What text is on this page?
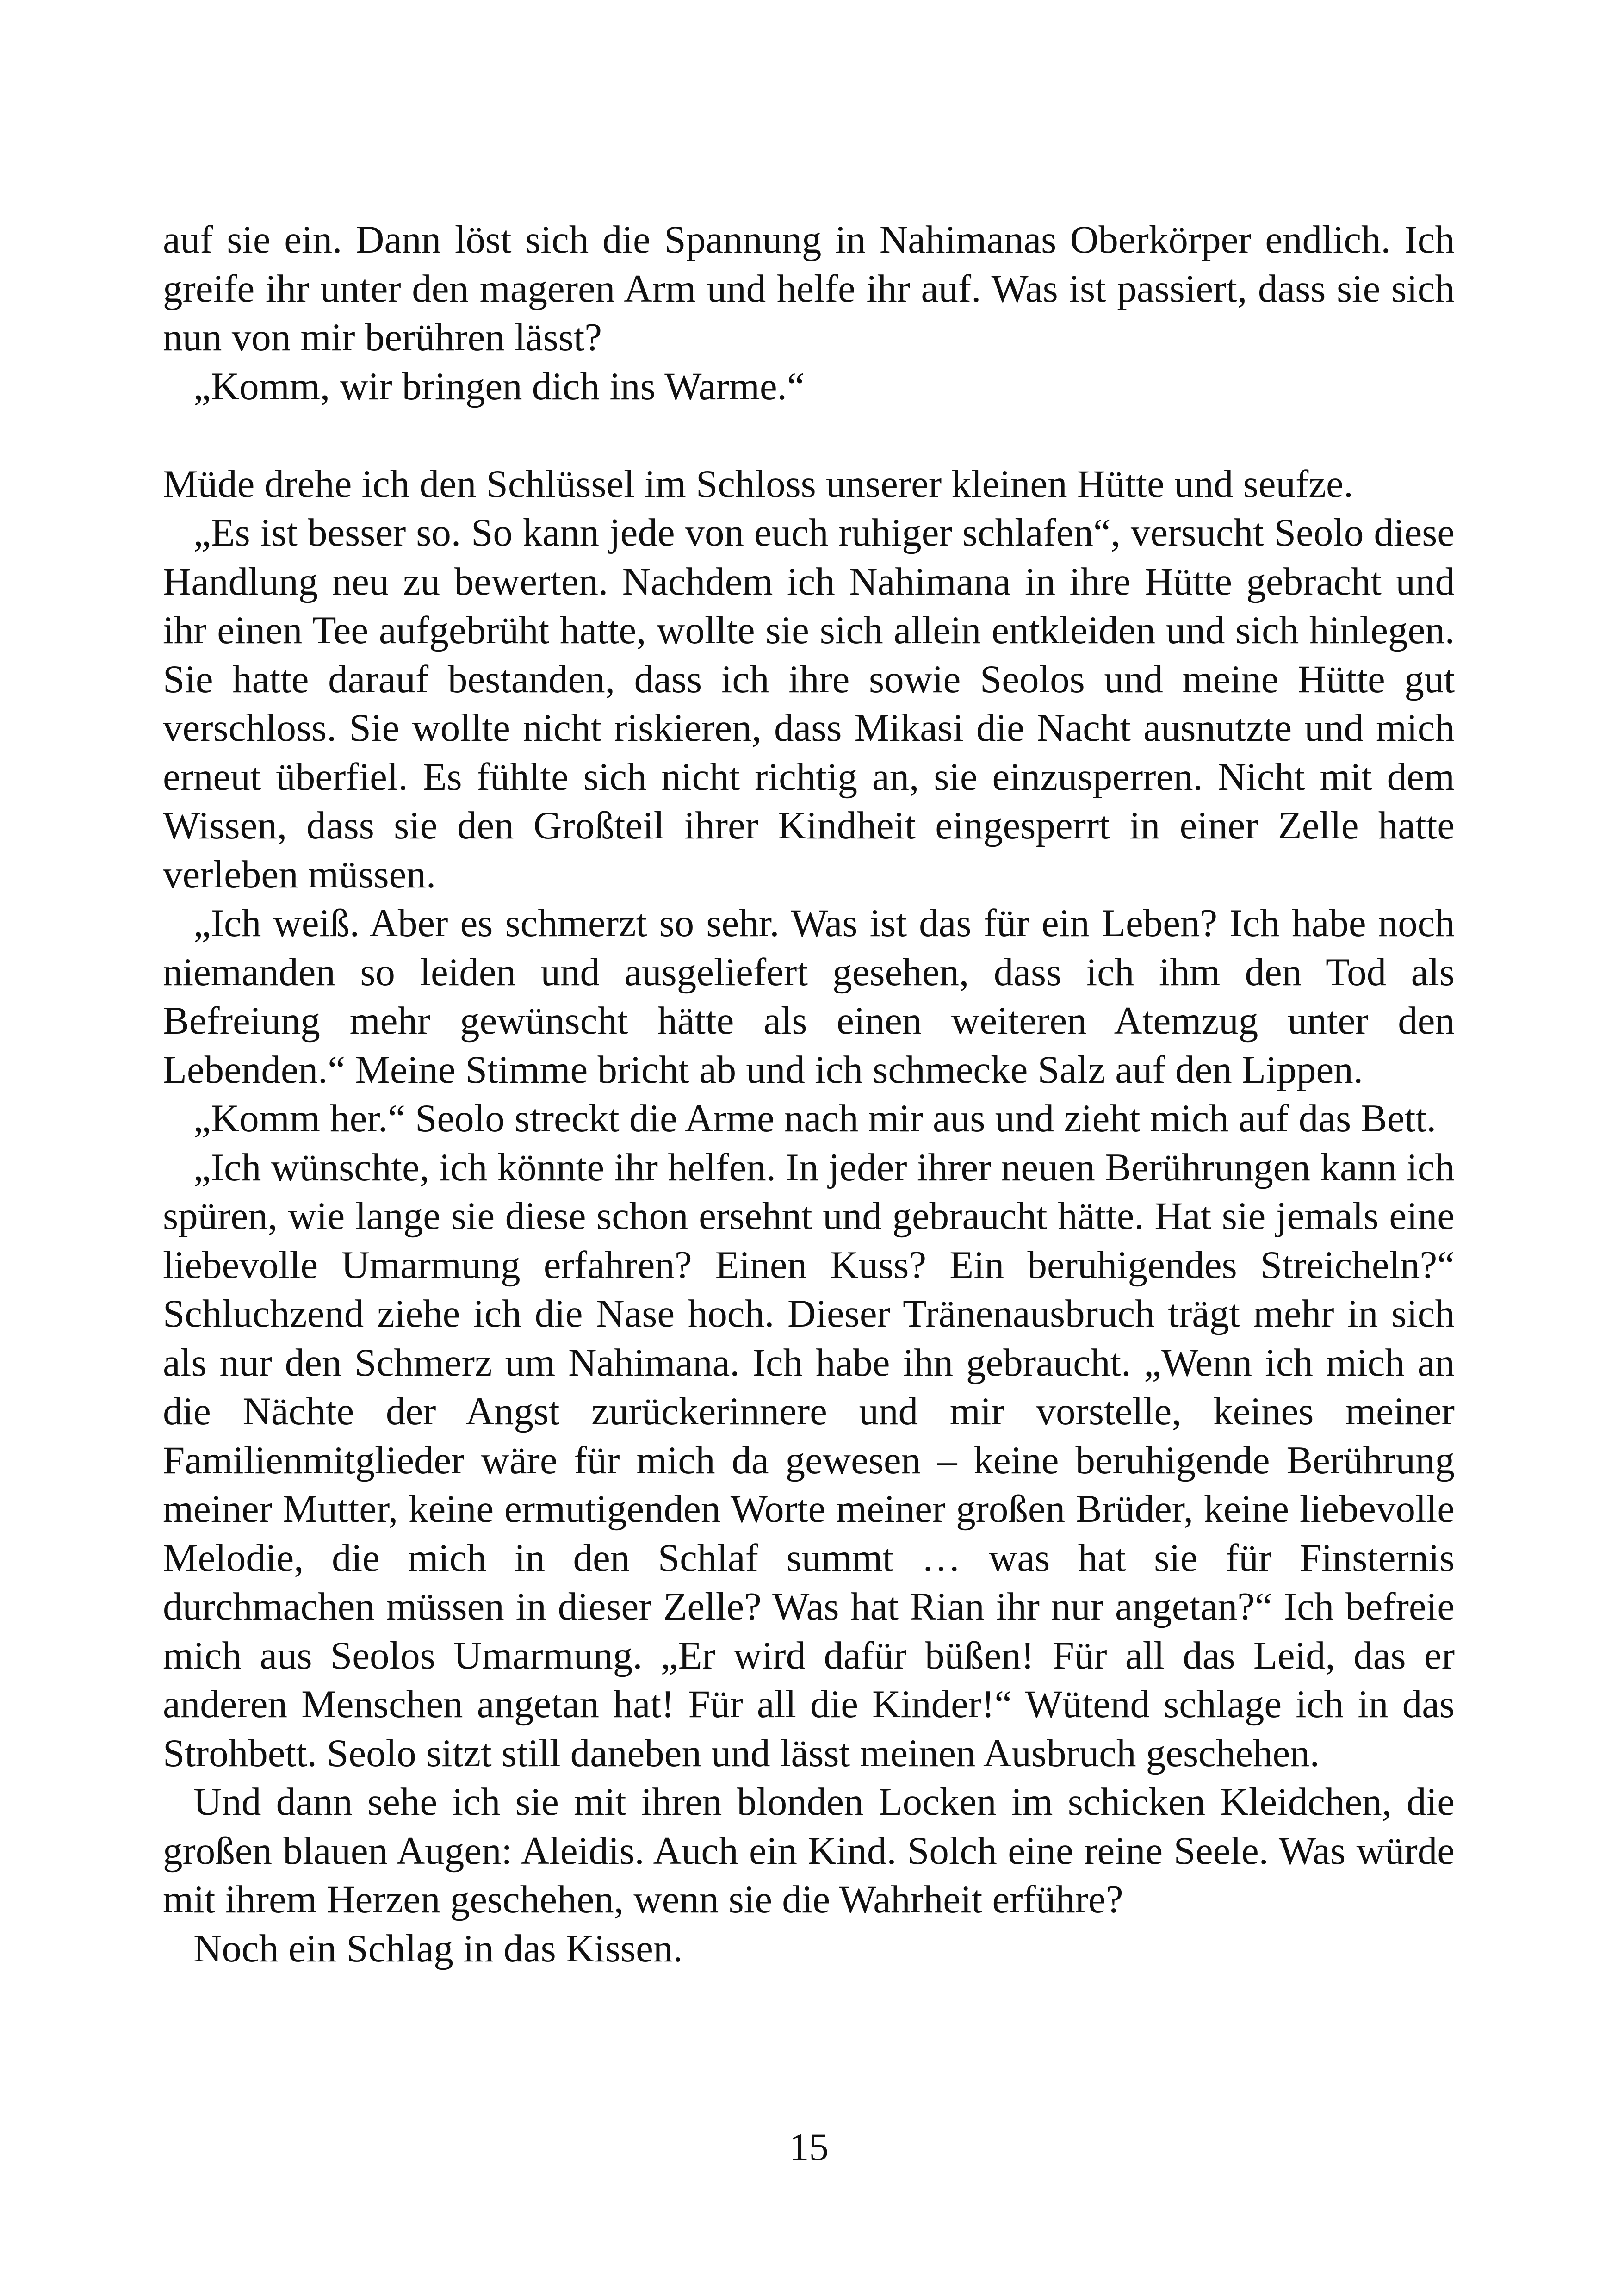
auf sie ein. Dann löst sich die Spannung in Nahimanas Oberkörper endlich. Ich greife ihr unter den mageren Arm und helfe ihr auf. Was ist passiert, dass sie sich nun von mir berühren lässt?

„Komm, wir bringen dich ins Warme.“

Müde drehe ich den Schlüssel im Schloss unserer kleinen Hütte und seufze.

„Es ist besser so. So kann jede von euch ruhiger schlafen“, versucht Seolo diese Handlung neu zu bewerten. Nachdem ich Nahimana in ihre Hütte gebracht und ihr einen Tee aufgebrüht hatte, wollte sie sich allein entkleiden und sich hinlegen. Sie hatte darauf bestanden, dass ich ihre sowie Seolos und meine Hütte gut verschloss. Sie wollte nicht riskieren, dass Mikasi die Nacht ausnutzte und mich erneut überfiel. Es fühlte sich nicht richtig an, sie einzusperren. Nicht mit dem Wissen, dass sie den Großteil ihrer Kindheit eingesperrt in einer Zelle hatte verleben müssen.

„Ich weiß. Aber es schmerzt so sehr. Was ist das für ein Leben? Ich habe noch niemanden so leiden und ausgeliefert gesehen, dass ich ihm den Tod als Befreiung mehr gewünscht hätte als einen weiteren Atemzug unter den Lebenden.“ Meine Stimme bricht ab und ich schmecke Salz auf den Lippen.

„Komm her.“ Seolo streckt die Arme nach mir aus und zieht mich auf das Bett.

„Ich wünschte, ich könnte ihr helfen. In jeder ihrer neuen Berührungen kann ich spüren, wie lange sie diese schon ersehnt und gebraucht hätte. Hat sie jemals eine liebevolle Umarmung erfahren? Einen Kuss? Ein beruhigendes Streicheln?“ Schluchzend ziehe ich die Nase hoch. Dieser Tränenausbruch trägt mehr in sich als nur den Schmerz um Nahimana. Ich habe ihn gebraucht. „Wenn ich mich an die Nächte der Angst zurückerinnere und mir vorstelle, keines meiner Familienmitglieder wäre für mich da gewesen – keine beruhigende Berührung meiner Mutter, keine ermutigenden Worte meiner großen Brüder, keine liebevolle Melodie, die mich in den Schlaf summt … was hat sie für Finsternis durchmachen müssen in dieser Zelle? Was hat Rian ihr nur angetan?“ Ich befreie mich aus Seolos Umarmung. „Er wird dafür büßen! Für all das Leid, das er anderen Menschen angetan hat! Für all die Kinder!“ Wütend schlage ich in das Strohbett. Seolo sitzt still daneben und lässt meinen Ausbruch geschehen.

Und dann sehe ich sie mit ihren blonden Locken im schicken Kleidchen, die großen blauen Augen: Aleidis. Auch ein Kind. Solch eine reine Seele. Was würde mit ihrem Herzen geschehen, wenn sie die Wahrheit erführe?

Noch ein Schlag in das Kissen.

15
